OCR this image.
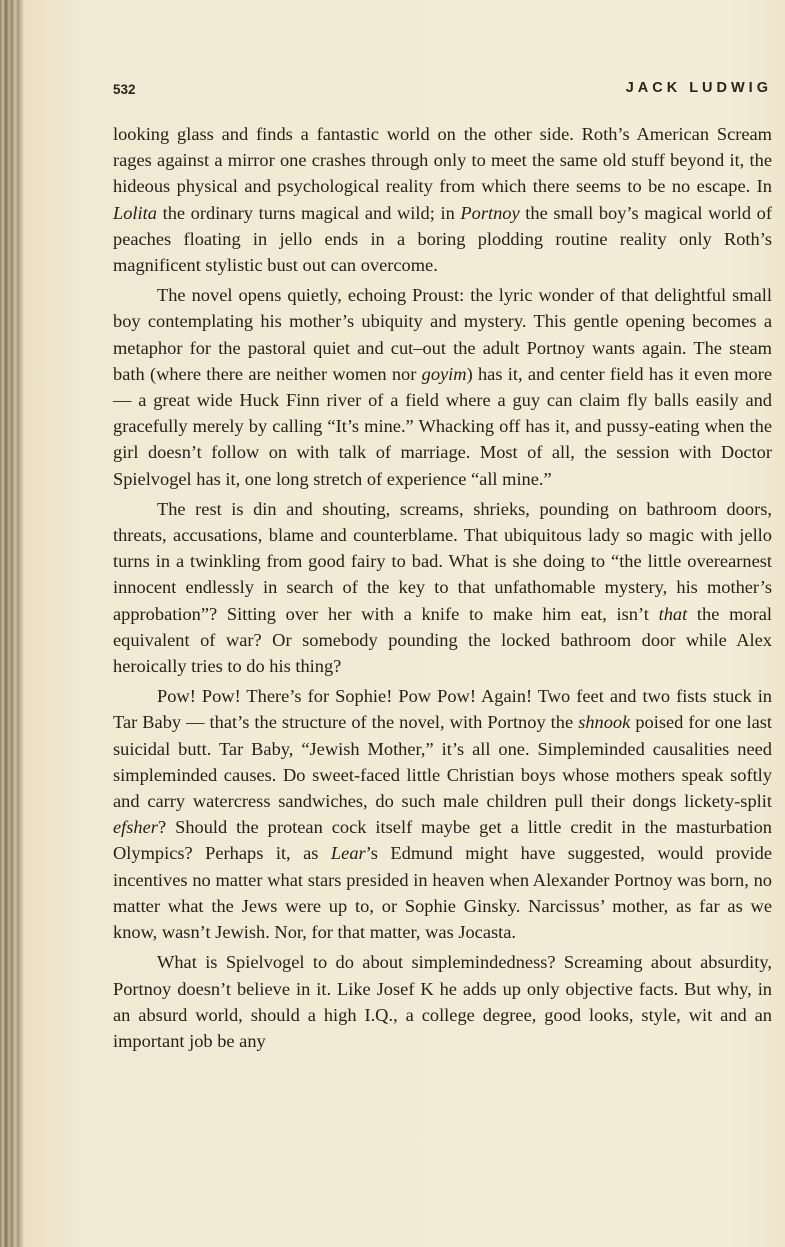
532	JACK LUDWIG

looking glass and finds a fantastic world on the other side. Roth’s American Scream rages against a mirror one crashes through only to meet the same old stuff beyond it, the hideous physical and psychological reality from which there seems to be no escape. In Lolita the ordinary turns magical and wild; in Portnoy the small boy’s magical world of peaches floating in jello ends in a boring plodding routine reality only Roth’s magnificent stylistic bust out can overcome.

The novel opens quietly, echoing Proust: the lyric wonder of that delightful small boy contemplating his mother’s ubiquity and mystery. This gentle opening becomes a metaphor for the pastoral quiet and cut–out the adult Portnoy wants again. The steam bath (where there are neither women nor goyim) has it, and center field has it even more — a great wide Huck Finn river of a field where a guy can claim fly balls easily and gracefully merely by calling “It’s mine.” Whacking off has it, and pussy-eating when the girl doesn’t follow on with talk of marriage. Most of all, the session with Doctor Spielvogel has it, one long stretch of experience “all mine.”

The rest is din and shouting, screams, shrieks, pounding on bathroom doors, threats, accusations, blame and counterblame. That ubiquitous lady so magic with jello turns in a twinkling from good fairy to bad. What is she doing to “the little overearnest innocent endlessly in search of the key to that unfathomable mystery, his mother’s approbation”? Sitting over her with a knife to make him eat, isn’t that the moral equivalent of war? Or somebody pounding the locked bathroom door while Alex heroically tries to do his thing?

Pow! Pow! There’s for Sophie! Pow Pow! Again! Two feet and two fists stuck in Tar Baby — that’s the structure of the novel, with Portnoy the shnook poised for one last suicidal butt. Tar Baby, “Jewish Mother,” it’s all one. Simpleminded causalities need simpleminded causes. Do sweet-faced little Christian boys whose mothers speak softly and carry watercress sandwiches, do such male children pull their dongs lickety-split efsher? Should the protean cock itself maybe get a little credit in the masturbation Olympics? Perhaps it, as Lear’s Edmund might have suggested, would provide incentives no matter what stars presided in heaven when Alexander Portnoy was born, no matter what the Jews were up to, or Sophie Ginsky. Narcissus’ mother, as far as we know, wasn’t Jewish. Nor, for that matter, was Jocasta.

What is Spielvogel to do about simplemindedness? Screaming about absurdity, Portnoy doesn’t believe in it. Like Josef K he adds up only objective facts. But why, in an absurd world, should a high I.Q., a college degree, good looks, style, wit and an important job be any
